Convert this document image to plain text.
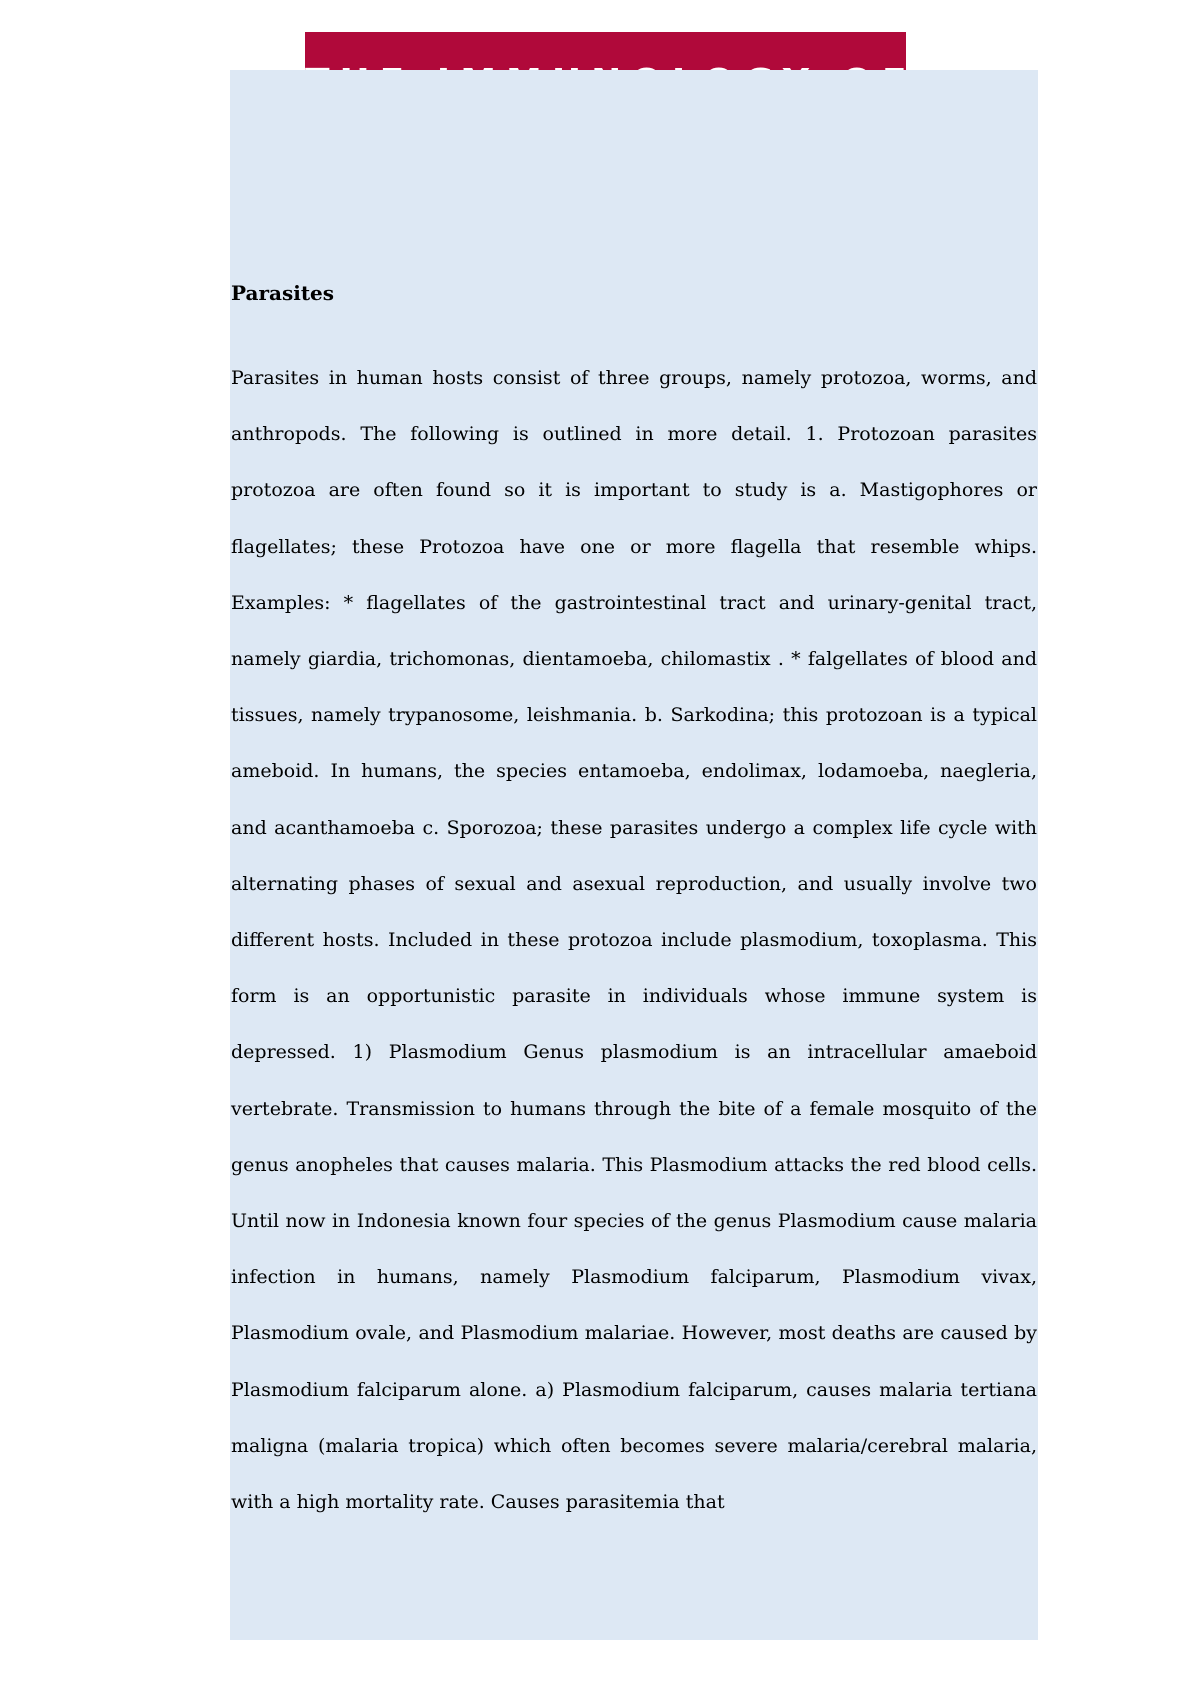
Parasites

Parasites in human hosts consist of three groups, namely protozoa, worms, and anthropods. The following is outlined in more detail. 1. Protozoan parasites protozoa are often found so it is important to study is a. Mastigophores or flagellates; these Protozoa have one or more flagella that resemble whips. Examples: * flagellates of the gastrointestinal tract and urinary-genital tract, namely giardia, trichomonas, dientamoeba, chilomastix . * falgellates of blood and tissues, namely trypanosome, leishmania. b. Sarkodina; this protozoan is a typical ameboid. In humans, the species entamoeba, endolimax, lodamoeba, naegleria, and acanthamoeba c. Sporozoa; these parasites undergo a complex life cycle with alternating phases of sexual and asexual reproduction, and usually involve two different hosts. Included in these protozoa include plasmodium, toxoplasma. This form is an opportunistic parasite in individuals whose immune system is depressed. 1) Plasmodium Genus plasmodium is an intracellular amaeboid vertebrate. Transmission to humans through the bite of a female mosquito of the genus anopheles that causes malaria. This Plasmodium attacks the red blood cells. Until now in Indonesia known four species of the genus Plasmodium cause malaria infection in humans, namely Plasmodium falciparum, Plasmodium vivax, Plasmodium ovale, and Plasmodium malariae. However, most deaths are caused by Plasmodium falciparum alone. a) Plasmodium falciparum, causes malaria tertiana maligna (malaria tropica) which often becomes severe malaria/cerebral malaria, with a high mortality rate. Causes parasitemia that
